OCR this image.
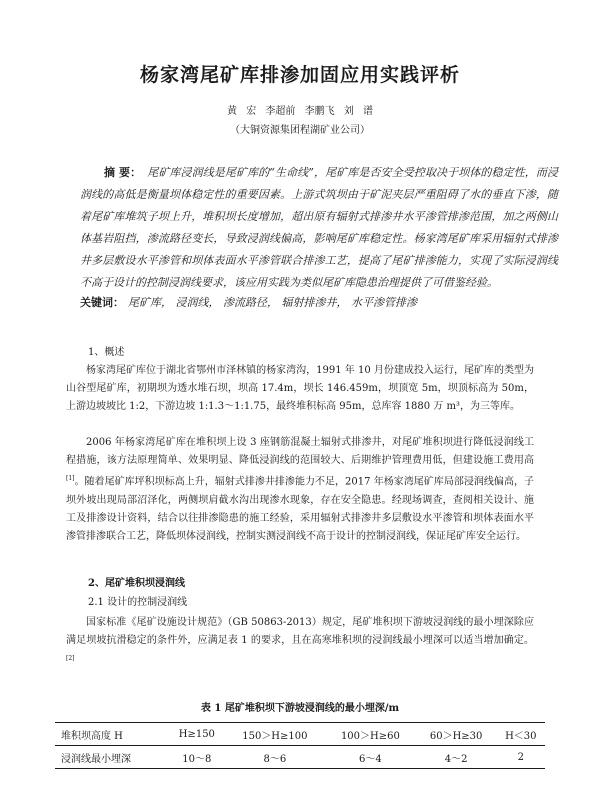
杨家湾尾矿库排渗加固应用实践评析
黄 宏 李超前 李鹏飞 刘 谱
（大铜资源集团程湖矿业公司）
摘 要： 尾矿库浸润线是尾矿库的“生命线”，尾矿库是否安全受控取决于坝体的稳定性，而浸润线的高低是衡量坝体稳定性的重要因素。上游式筑坝由于矿泥夹层严重阻碍了水的垂直下渗，随着尾矿库堆筑子坝上升，堆积坝长度增加，超出原有辐射式排渗井水平渗管排渗范围，加之两侧山体基岩阻挡，渗流路径变长，导致浸润线偏高，影响尾矿库稳定性。杨家湾尾矿库采用辐射式排渗井多层敷设水平渗管和坝体表面水平渗管联合排渗工艺，提高了尾矿排渗能力，实现了实际浸润线不高于设计的控制浸润线要求，该应用实践为类似尾矿库隐患治理提供了可借鉴经验。
关键词： 尾矿库， 浸润线， 渗流路径， 辐射排渗井， 水平渗管排渗
1、概述
杨家湾尾矿库位于湖北省鄂州市泽林镇的杨家湾沟，1991 年 10 月份建成投入运行，尾矿库的类型为山谷型尾矿库，初期坝为透水堆石坝，坝高 17.4m，坝长 146.459m，坝顶宽 5m，坝顶标高为 50m，上游边坡坡比 1:2，下游边坡 1:1.3～1:1.75，最终堆积标高 95m，总库容 1880 万 m³，为三等库。
2006 年杨家湾尾矿库在堆积坝上设 3 座钢筋混凝土辐射式排渗井，对尾矿堆积坝进行降低浸润线工程措施，该方法原理简单、效果明显、降低浸润线的范围较大、后期维护管理费用低，但建设施工费用高[1]。随着尾矿库坪积坝标高上升，辐射式排渗井排渗能力不足，2017 年杨家湾尾矿库局部浸润线偏高，子坝外坡出现局部沼泽化，两侧坝肩截水沟出现渗水现象，存在安全隐患。经现场调查，查阅相关设计、施工及排渗设计资料，结合以往排渗隐患的施工经验，采用辐射式排渗井多层敷设水平渗管和坝体表面水平渗管排渗联合工艺，降低坝体浸润线，控制实测浸润线不高于设计的控制浸润线，保证尾矿库安全运行。
2、尾矿堆积坝浸润线
2.1 设计的控制浸润线
国家标准《尾矿设施设计规范》（GB 50863-2013）规定，尾矿堆积坝下游坡浸润线的最小埋深除应满足坝坡抗滑稳定的条件外，应满足表 1 的要求，且在高寒堆积坝的浸润线最小埋深可以适当增加确定。[2]
表 1 尾矿堆积坝下游坡浸润线的最小埋深/m
堆积坝高度 H	H≥150	150＞H≥100	100＞H≥60	60＞H≥30	H＜30
浸润线最小埋深	10～8	8～6	6～4	4～2	2
